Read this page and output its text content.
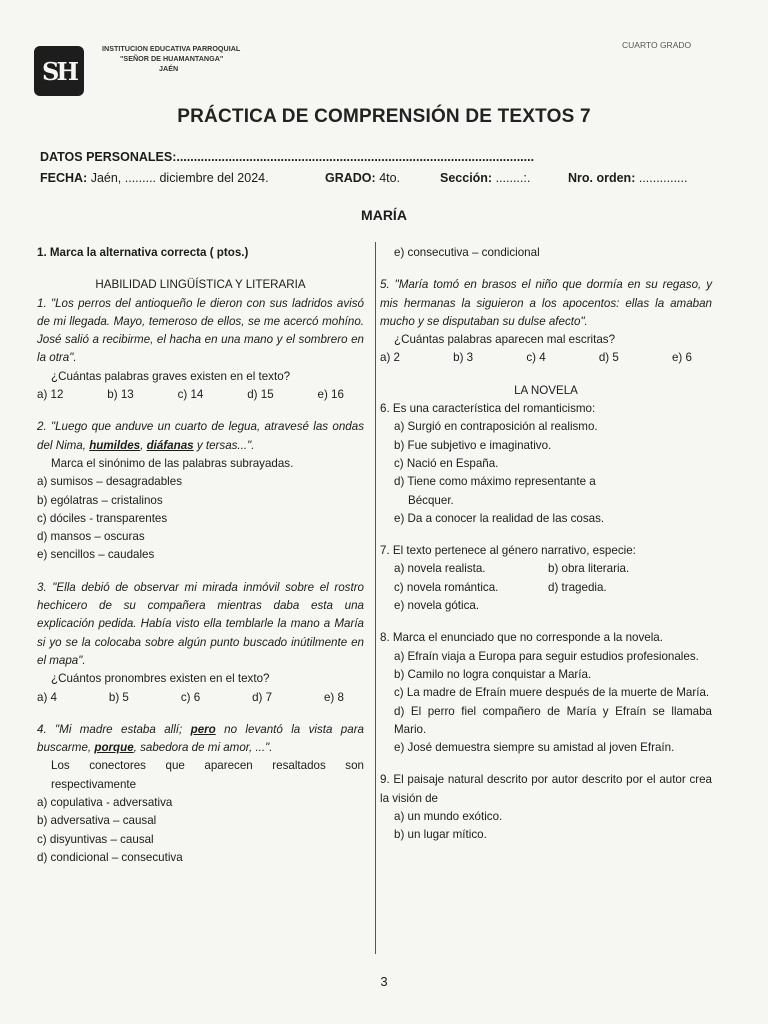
SH
INSTITUCION EDUCATIVA PARROQUIAL
"SEÑOR DE HUAMANTANGA"
JAÉN
CUARTO GRADO
PRÁCTICA DE COMPRENSIÓN DE TEXTOS 7
DATOS PERSONALES:.......................................................................................................
FECHA: Jaén, ......... diciembre del 2024.	GRADO: 4to.	Sección: ........:.	Nro. orden: ..............
MARÍA

1. Marca la alternativa correcta ( ptos.)

HABILIDAD LINGÜÍSTICA Y LITERARIA

1. "Los perros del antioqueño le dieron con sus ladridos avisó de mi llegada. Mayo, temeroso de ellos, se me acercó mohíno. José salió a recibirme, el hacha en una mano y el sombrero en la otra".

¿Cuántas palabras graves existen en el texto?

a) 12	b) 13	c) 14	d) 15	e) 16

2. "Luego que anduve un cuarto de legua, atravesé las ondas del Nima, humildes, diáfanas y tersas...".

Marca el sinónimo de las palabras subrayadas.

a) sumisos – desagradables

b) ególatras – cristalinos

c) dóciles - transparentes

d) mansos – oscuras

e) sencillos – caudales

3. "Ella debió de observar mi mirada inmóvil sobre el rostro hechicero de su compañera mientras daba esta una explicación pedida. Había visto ella temblarle la mano a María si yo se la colocaba sobre algún punto buscado inútilmente en el mapa".

¿Cuántos pronombres existen en el texto?

a) 4	b) 5	c) 6	d) 7	e) 8

4. "Mi madre estaba allí; pero no levantó la vista para buscarme, porque, sabedora de mi amor, ...".

Los conectores que aparecen resaltados son respectivamente

a) copulativa - adversativa

b) adversativa – causal

c) disyuntivas – causal

d) condicional – consecutiva

e) consecutiva – condicional

5. "María tomó en brasos el niño que dormía en su regaso, y mis hermanas la siguieron a los apocentos: ellas la amaban mucho y se disputaban su dulse afecto".

¿Cuántas palabras aparecen mal escritas?

a) 2	b) 3	c) 4	d) 5	e) 6

LA NOVELA

6. Es una característica del romanticismo:

a) Surgió en contraposición al realismo.

b) Fue subjetivo e imaginativo.

c) Nació en España.

d) Tiene como máximo representante a

Bécquer.

e) Da a conocer la realidad de las cosas.

7. El texto pertenece al género narrativo, especie:

a) novela realista.	b) obra literaria.
c) novela romántica.	d) tragedia.

e) novela gótica.

8. Marca el enunciado que no corresponde a la novela.

a) Efraín viaja a Europa para seguir estudios profesionales.

b) Camilo no logra conquistar a María.

c) La madre de Efraín muere después de la muerte de María.

d) El perro fiel compañero de María y Efraín se llamaba Mario.

e) José demuestra siempre su amistad al joven Efraín.

9. El paisaje natural descrito por autor descrito por el autor crea la visión de

a) un mundo exótico.

b) un lugar mítico.

3
